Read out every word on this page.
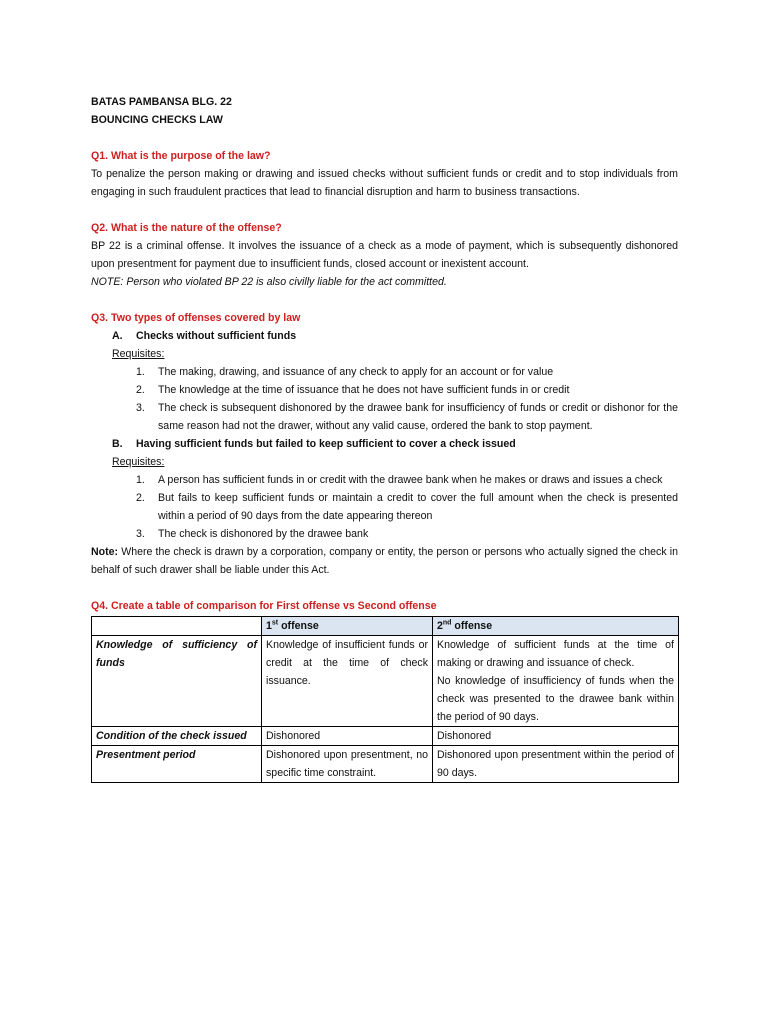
BATAS PAMBANSA BLG. 22
BOUNCING CHECKS LAW
Q1. What is the purpose of the law?
To penalize the person making or drawing and issued checks without sufficient funds or credit and to stop individuals from engaging in such fraudulent practices that lead to financial disruption and harm to business transactions.
Q2. What is the nature of the offense?
BP 22 is a criminal offense. It involves the issuance of a check as a mode of payment, which is subsequently dishonored upon presentment for payment due to insufficient funds, closed account or inexistent account.
NOTE: Person who violated BP 22 is also civilly liable for the act committed.
Q3. Two types of offenses covered by law
A.	Checks without sufficient funds
Requisites:
1.	The making, drawing, and issuance of any check to apply for an account or for value
2.	The knowledge at the time of issuance that he does not have sufficient funds in or credit
3.	The check is subsequent dishonored by the drawee bank for insufficiency of funds or credit or dishonor for the same reason had not the drawer, without any valid cause, ordered the bank to stop payment.
B.	Having sufficient funds but failed to keep sufficient to cover a check issued
Requisites:
1.	A person has sufficient funds in or credit with the drawee bank when he makes or draws and issues a check
2.	But fails to keep sufficient funds or maintain a credit to cover the full amount when the check is presented within a period of 90 days from the date appearing thereon
3.	The check is dishonored by the drawee bank
Note: Where the check is drawn by a corporation, company or entity, the person or persons who actually signed the check in behalf of such drawer shall be liable under this Act.
Q4. Create a table of comparison for First offense vs Second offense
	1st offense	2nd offense
Knowledge of sufficiency of funds	Knowledge of insufficient funds or credit at the time of check issuance.	Knowledge of sufficient funds at the time of making or drawing and issuance of check.
No knowledge of insufficiency of funds when the check was presented to the drawee bank within the period of 90 days.

Condition of the check issued	Dishonored	Dishonored
Presentment period	Dishonored upon presentment, no specific time constraint.	Dishonored upon presentment within the period of 90 days.
